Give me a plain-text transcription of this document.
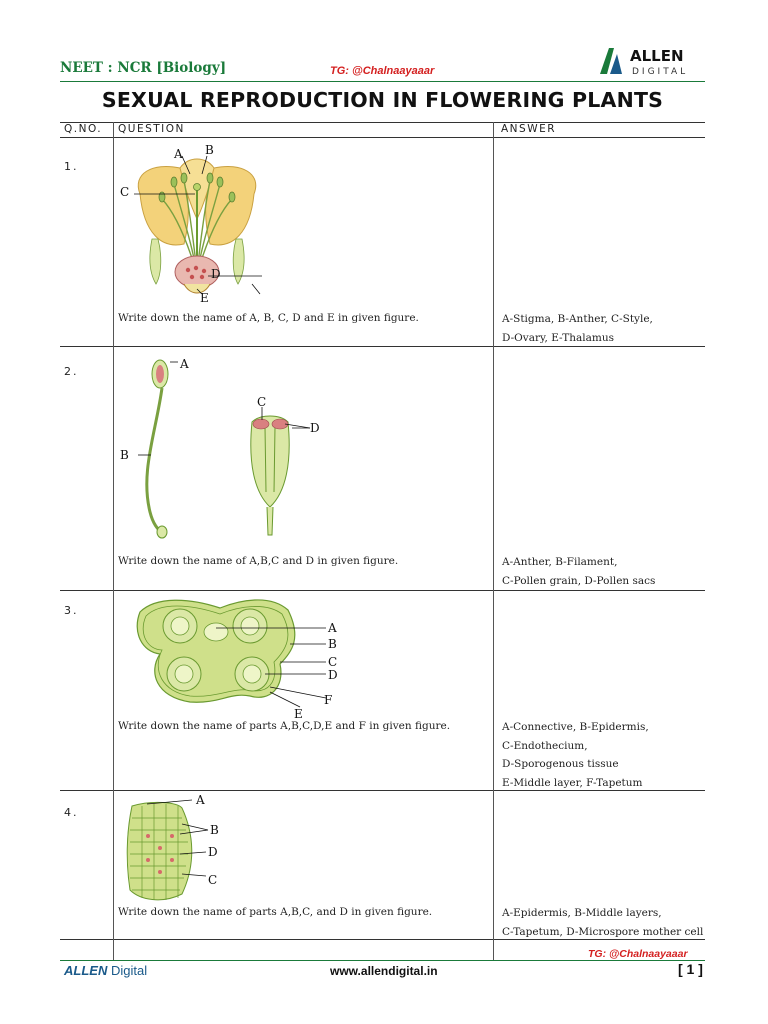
NEET : NCR [Biology]	TG: @Chalnaayaaar
ALLEN
DIGITAL
SEXUAL REPRODUCTION IN FLOWERING PLANTS
Q.NO. QUESTION	ANSWER
1.
A B
C
D
E
Write down the name of A, B, C, D and E in given figure.	A-Stigma, B-Anther, C-Style,
D-Ovary, E-Thalamus
2.
A
B
C
D
Write down the name of A,B,C and D in given figure.	A-Anther, B-Filament,
C-Pollen grain, D-Pollen sacs
3.
A
B
C
D
E
F
Write down the name of parts A,B,C,D,E and F in given figure.	A-Connective, B-Epidermis,
C-Endothecium,
D-Sporogenous tissue
E-Middle layer, F-Tapetum
4.
A
B
D
C
Write down the name of parts A,B,C, and D in given figure.	A-Epidermis, B-Middle layers,
C-Tapetum, D-Microspore mother cell
TG: @Chalnaayaaar
ALLEN Digital	www.allendigital.in	[ 1 ]
